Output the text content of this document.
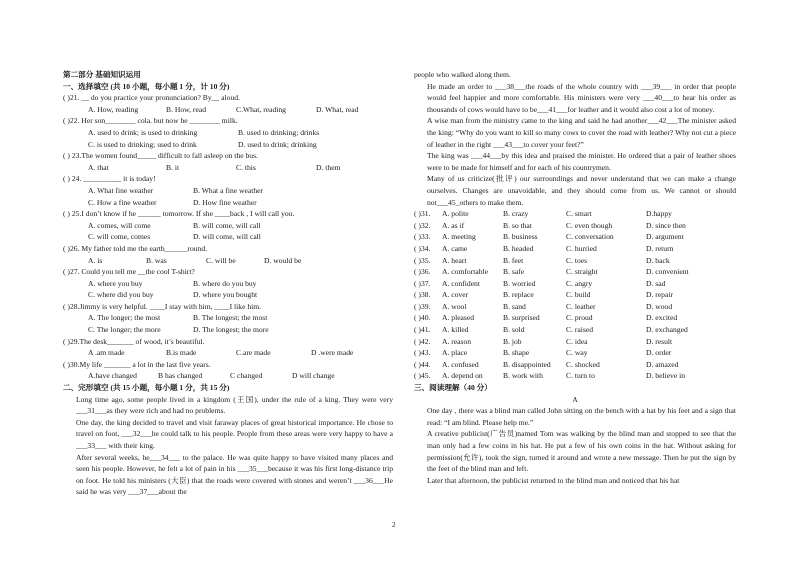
第二部分 基础知识运用
一、选择填空 (共 10 小题，每小题 1 分，计 10 分)
( )21. __ do you practice your pronunciation? By__ aloud.
A. How, reading	B. How, read	C.What, reading	D. What, read
( )22. Her son________ cola. but now he ________ milk.
A. used to drink; is used to drinking	B. used to drinking; drinks
C. is used to drinking; used to drink	D. used to drink; drinking
( ) 23.The women found_____ difficult to fall asleep on the bus.
A. that	B. it	C. this	D. them
( ) 24. __________ it is today!
A. What fine weather	B. What a fine weather
C. How a fine weather	D. How fine weather
( ) 25.I don’t know if he ______ tomorrow. If she ____back , I will call you.
A. comes, will come	B. will come, will call
C. will come, comes	D. will come, will call
( )26. My father told me the earth______round.
A. is	B. was	C. will be	D. would be
( )27. Could you tell me __the cool T-shirt?
A. where you buy	B. where do you buy
C. where did you buy	D. where you bought
( )28.Jimmy is very helpful. ____I stay with him, ____I like him.
A. The longer; the most	B. The longest; the most
C. The longer; the more	D. The longest; the more
( )29.The desk_______ of wood, it’s beautiful.
A .am made	B.is made	C.are made	D .were made
( )30.My life _______ a lot in the last five years.
A.have changed	B has changed	C changed	D will change
二、完形填空 (共 15 小题，每小题 1 分，共 15 分)
Long time ago, some people lived in a kingdom (王国), under the rule of a king. They were very ___31___as they were rich and had no problems.
One day, the king decided to travel and visit faraway places of great historical importance. He chose to travel on foot, ___32___he could talk to his people. People from these areas were very happy to have a ___33___ with their king.
After several weeks, he___34___ to the palace. He was quite happy to have visited many places and seen his people. However, he felt a lot of pain in his ___35___because it was his first long-distance trip on foot. He told his ministers (大臣) that the roads were covered with stones and weren’t ___36___He said he was very ___37___about the
people who walked along them.
He made an order to ___38___the roads of the whole country with ___39___ in order that people would feel happier and more comfortable. His ministers were very ___40___to hear his order as thousands of cows would have to be___41___for leather and it would also cost a lot of money.
A wise man from the ministry came to the king and said he had another___42___The minister asked the king: “Why do you want to kill so many cows to cover the road with leather? Why not cut a piece of leather in the right ___43___to cover your feet?”
The king was ___44___by this idea and praised the minister. He ordered that a pair of leather shoes were to be made for himself and for each of his countrymen.
Many of us criticize(批评) our surroundings and never understand that we can make a change ourselves. Changes are unavoidable, and they should come from us. We cannot or should not___45_others to make them.
( )31.	A. polite	B. crazy	C. smart	D.happy
( )32.	A. as if	B. so that	C. even though	D. since then
( )33.	A. meeting	B. business	C. conversation	D. argument
( )34.	A. came	B. headed	C. hurried	D. return
( )35.	A. heart	B. feet	C. toes	D. back
( )36.	A. comfortable	B. safe	C. straight	D. convenient
( )37.	A. confident	B. worried	C. angry	D. sad
( )38.	A. cover	B. replace	C. build	D. repair
( )39.	A. wool	B. sand	C. leather	D. wood
( )40.	A. pleased	B. surprised	C. proud	D. excited
( )41.	A. killed	B. sold	C. raised	D. exchanged
( )42.	A. reason	B. job	C. idea	D. result
( )43.	A. place	B. shape	C. way	D. order
( )44.	A. confused	B. disappointed	C. shocked	D. amazed
( )45.	A. depend on	B. work with	C. turn to	D. believe in
三、阅读理解（40 分）
A
One day , there was a blind man called John sitting on the bench with a hat by his feet and a sign that read: “I am blind. Please help me.”
A creative publicist(广告员)named Tom was walking by the blind man and stopped to see that the man only had a few coins in his hat. He put a few of his own coins in the hat. Without asking for permission(允许), took the sign, turned it around and wrote a new message. Then he put the sign by the feet of the blind man and left.
Later that afternoon, the publicist returned to the blind man and noticed that his hat
2
